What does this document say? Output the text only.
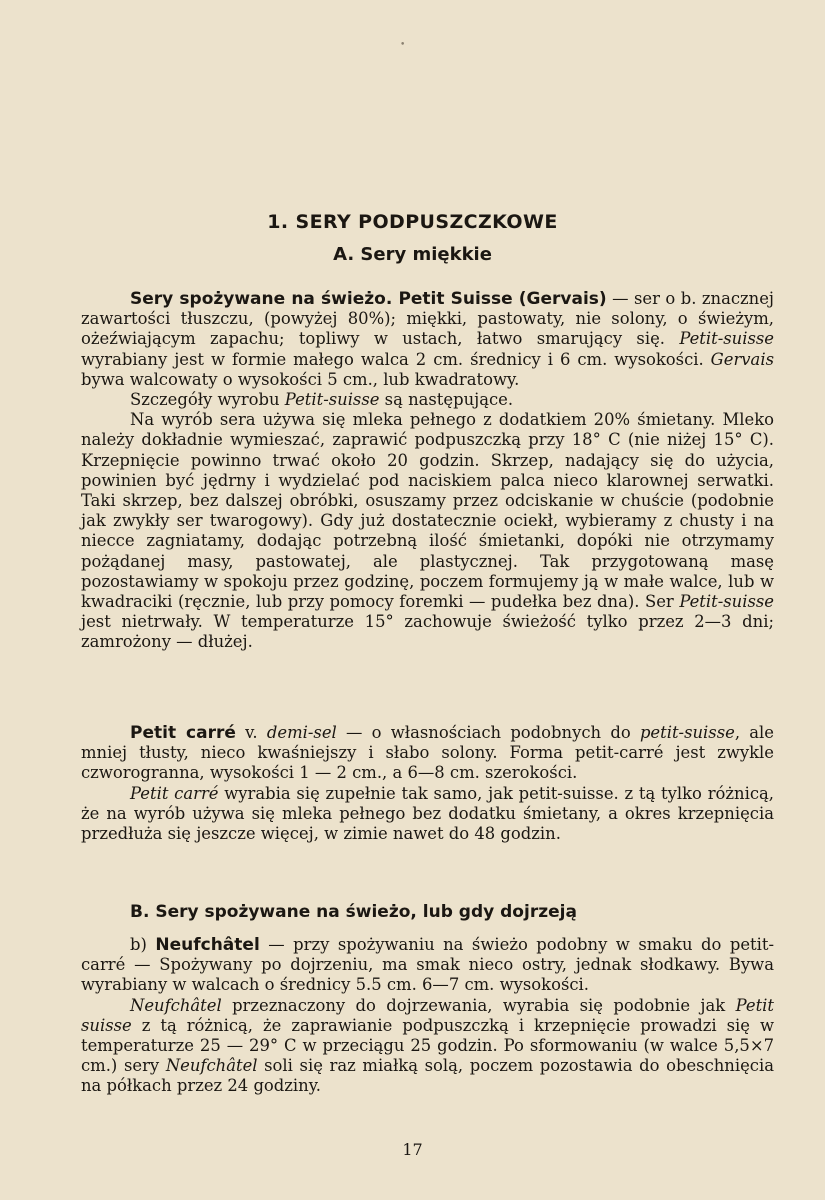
•
1. SERY PODPUSZCZKOWE
A. Sery miękkie

Sery spożywane na świeżo. Petit Suisse (Gervais) — ser o b. znacznej zawartości tłuszczu, (powyżej 80%); miękki, pastowaty, nie solony, o świeżym, ożeźwiającym zapachu; topliwy w ustach, łatwo smarujący się. Petit-suisse wyrabiany jest w formie małego walca 2 cm. średnicy i 6 cm. wysokości. Gervais bywa walcowaty o wysokości 5 cm., lub kwadratowy.

Szczegóły wyrobu Petit-suisse są następujące.

Na wyrób sera używa się mleka pełnego z dodatkiem 20% śmietany. Mleko należy dokładnie wymieszać, zaprawić podpuszczką przy 18° C (nie niżej 15° C). Krzepnięcie powinno trwać około 20 godzin. Skrzep, nadający się do użycia, powinien być jędrny i wydzielać pod naciskiem palca nieco klarownej serwatki. Taki skrzep, bez dalszej obróbki, osuszamy przez odciskanie w chuście (podobnie jak zwykły ser twarogowy). Gdy już dostatecznie ociekł, wybieramy z chusty i na niecce zagniatamy, dodając potrzebną ilość śmietanki, dopóki nie otrzymamy pożądanej masy, pastowatej, ale plastycznej. Tak przygotowaną masę pozostawiamy w spokoju przez godzinę, poczem formujemy ją w małe walce, lub w kwadraciki (ręcznie, lub przy pomocy foremki — pudełka bez dna). Ser Petit-suisse jest nietrwały. W temperaturze 15° zachowuje świeżość tylko przez 2—3 dni; zamrożony — dłużej.

Petit carré v. demi-sel — o własnościach podobnych do petit-suisse, ale mniej tłusty, nieco kwaśniejszy i słabo solony. Forma petit-carré jest zwykle czworogranna, wysokości 1 — 2 cm., a 6—8 cm. szerokości.

Petit carré wyrabia się zupełnie tak samo, jak petit-suisse. z tą tylko różnicą, że na wyrób używa się mleka pełnego bez dodatku śmietany, a okres krzepnięcia przedłuża się jeszcze więcej, w zimie nawet do 48 godzin.

B. Sery spożywane na świeżo, lub gdy dojrzeją

b) Neufchâtel — przy spożywaniu na świeżo podobny w smaku do petit-carré — Spożywany po dojrzeniu, ma smak nieco ostry, jednak słodkawy. Bywa wyrabiany w walcach o średnicy 5.5 cm. 6—7 cm. wysokości.

Neufchâtel przeznaczony do dojrzewania, wyrabia się podobnie jak Petit suisse z tą różnicą, że zaprawianie podpuszczką i krzepnięcie prowadzi się w temperaturze 25 — 29° C w przeciągu 25 godzin. Po sformowaniu (w walce 5,5×7 cm.) sery Neufchâtel soli się raz miałką solą, poczem pozostawia do obeschnięcia na półkach przez 24 godziny.

17
